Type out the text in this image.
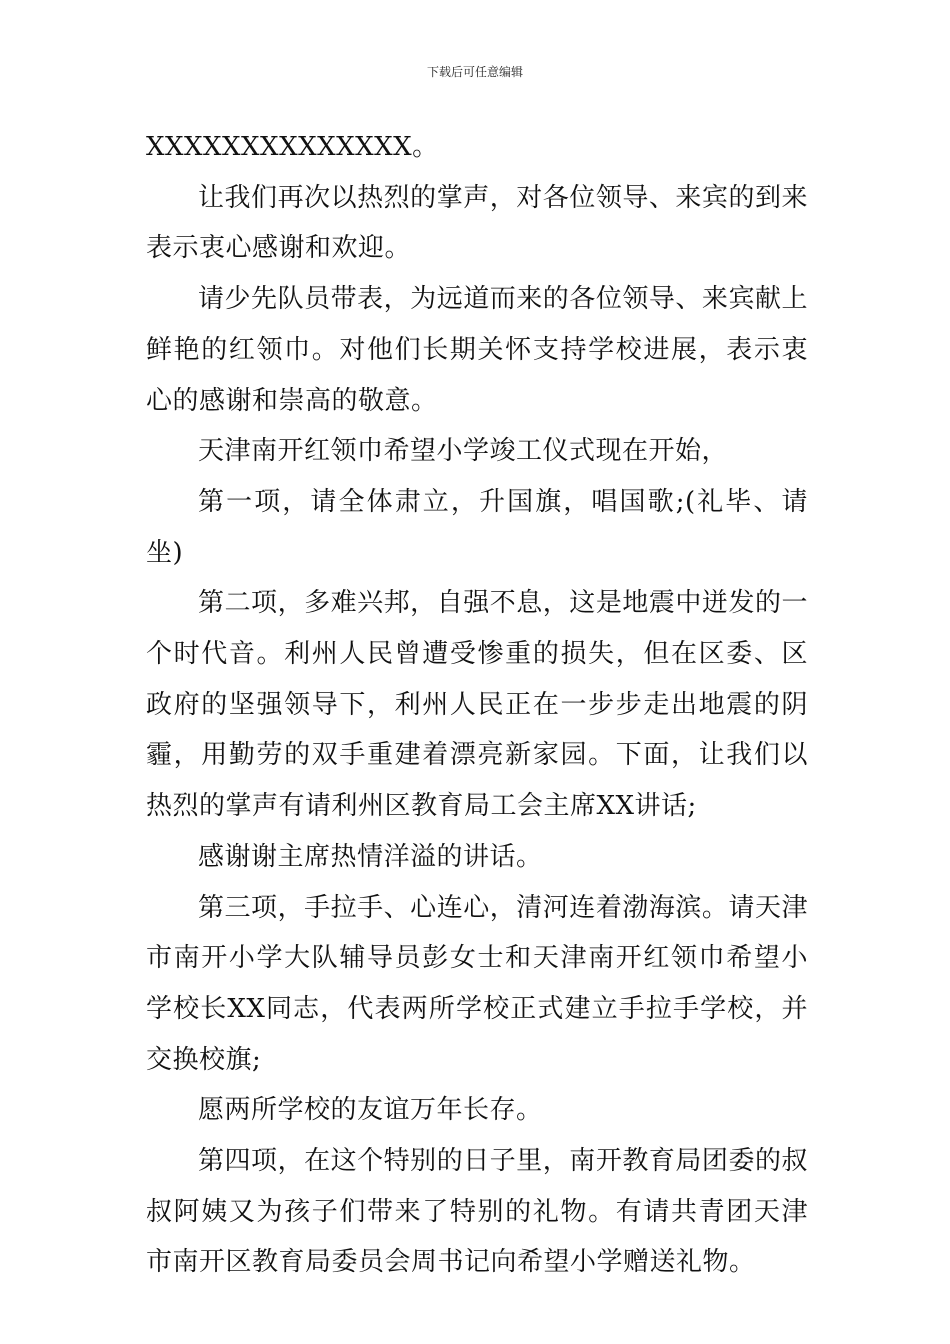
下载后可任意编辑

XXXXXXXXXXXXXX。

让我们再次以热烈的掌声，对各位领导、来宾的到来表示衷心感谢和欢迎。

请少先队员带表，为远道而来的各位领导、来宾献上鲜艳的红领巾。对他们长期关怀支持学校进展，表示衷心的感谢和崇高的敬意。

天津南开红领巾希望小学竣工仪式现在开始，

第一项，请全体肃立，升国旗，唱国歌;(礼毕、请坐)

第二项，多难兴邦，自强不息，这是地震中迸发的一个时代音。利州人民曾遭受惨重的损失，但在区委、区政府的坚强领导下，利州人民正在一步步走出地震的阴霾，用勤劳的双手重建着漂亮新家园。下面，让我们以热烈的掌声有请利州区教育局工会主席XX讲话;

感谢谢主席热情洋溢的讲话。

第三项，手拉手、心连心，清河连着渤海滨。请天津市南开小学大队辅导员彭女士和天津南开红领巾希望小学校长XX同志，代表两所学校正式建立手拉手学校，并交换校旗;

愿两所学校的友谊万年长存。

第四项，在这个特别的日子里，南开教育局团委的叔叔阿姨又为孩子们带来了特别的礼物。有请共青团天津市南开区教育局委员会周书记向希望小学赠送礼物。
